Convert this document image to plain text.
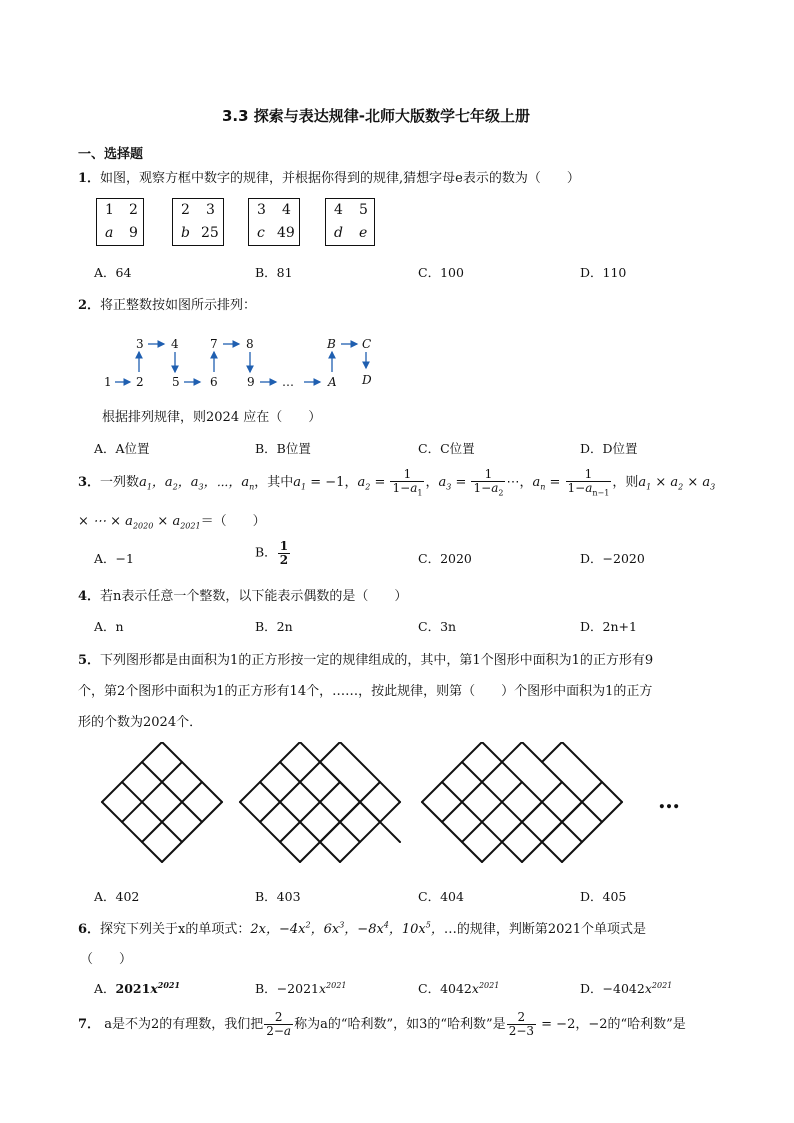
3.3 探索与表达规律-北师大版数学七年级上册
一、选择题
1．如图，观察方框中数字的规律，并根据你得到的规律,猜想字母e表示的数为（　　）
1 2
a 9
2 3
b 25
3 4
c 49
4 5
d e
A．64	B．81	C．100	D．110
2．将正整数按如图所示排列：
1 2
3 4
5	6
7 8
9 …	A
B C
D
根据排列规律，则2024 应在（　　）
A．A位置	B．B位置	C．C位置	D．D位置
3．一列数$a_1$，$a_2$，$a_3$，⋯，$a_n$，其中$a_1 = -1$，$a_2 = \frac{1}{1-a_1}$ ，$a_3 = \frac{1}{1-a_2}$ ⋯，$a_n = \frac{1}{1-a_{n-1}}$ ，则$a_1 \times a_2 \times a_3$
× ⋯ × $a_{2020} \times a_{2021}=$（　　）
A．−1	B． $\frac{1}{2}$	C．2020	D．−2020
4．若n表示任意一个整数，以下能表示偶数的是（　　）
A．n	B．2n	C．3n	D．2n+1
5．下列图形都是由面积为1的正方形按一定的规律组成的，其中，第1个图形中面积为1的正方形有9
个，第2个图形中面积为1的正方形有14个，……，按此规律，则第（　　）个图形中面积为1的正方
形的个数为2024个．
…
A．402	B．403	C．404	D．405
6．探究下列关于x的单项式：2x，$-4x^2$，$6x^3$，$-8x^4$，$10x^5$，…的规律，判断第2021个单项式是
（　　）
A．$2021x^{2021}$	B．$-2021x^{2021}$	C．$4042x^{2021}$	D．$-4042x^{2021}$
7． a是不为2的有理数，我们把 $\frac{2}{2-a}$ 称为a的“哈利数”，如3的“哈利数”是 $\frac{2}{2-3} = -2$，−2的“哈利数”是
